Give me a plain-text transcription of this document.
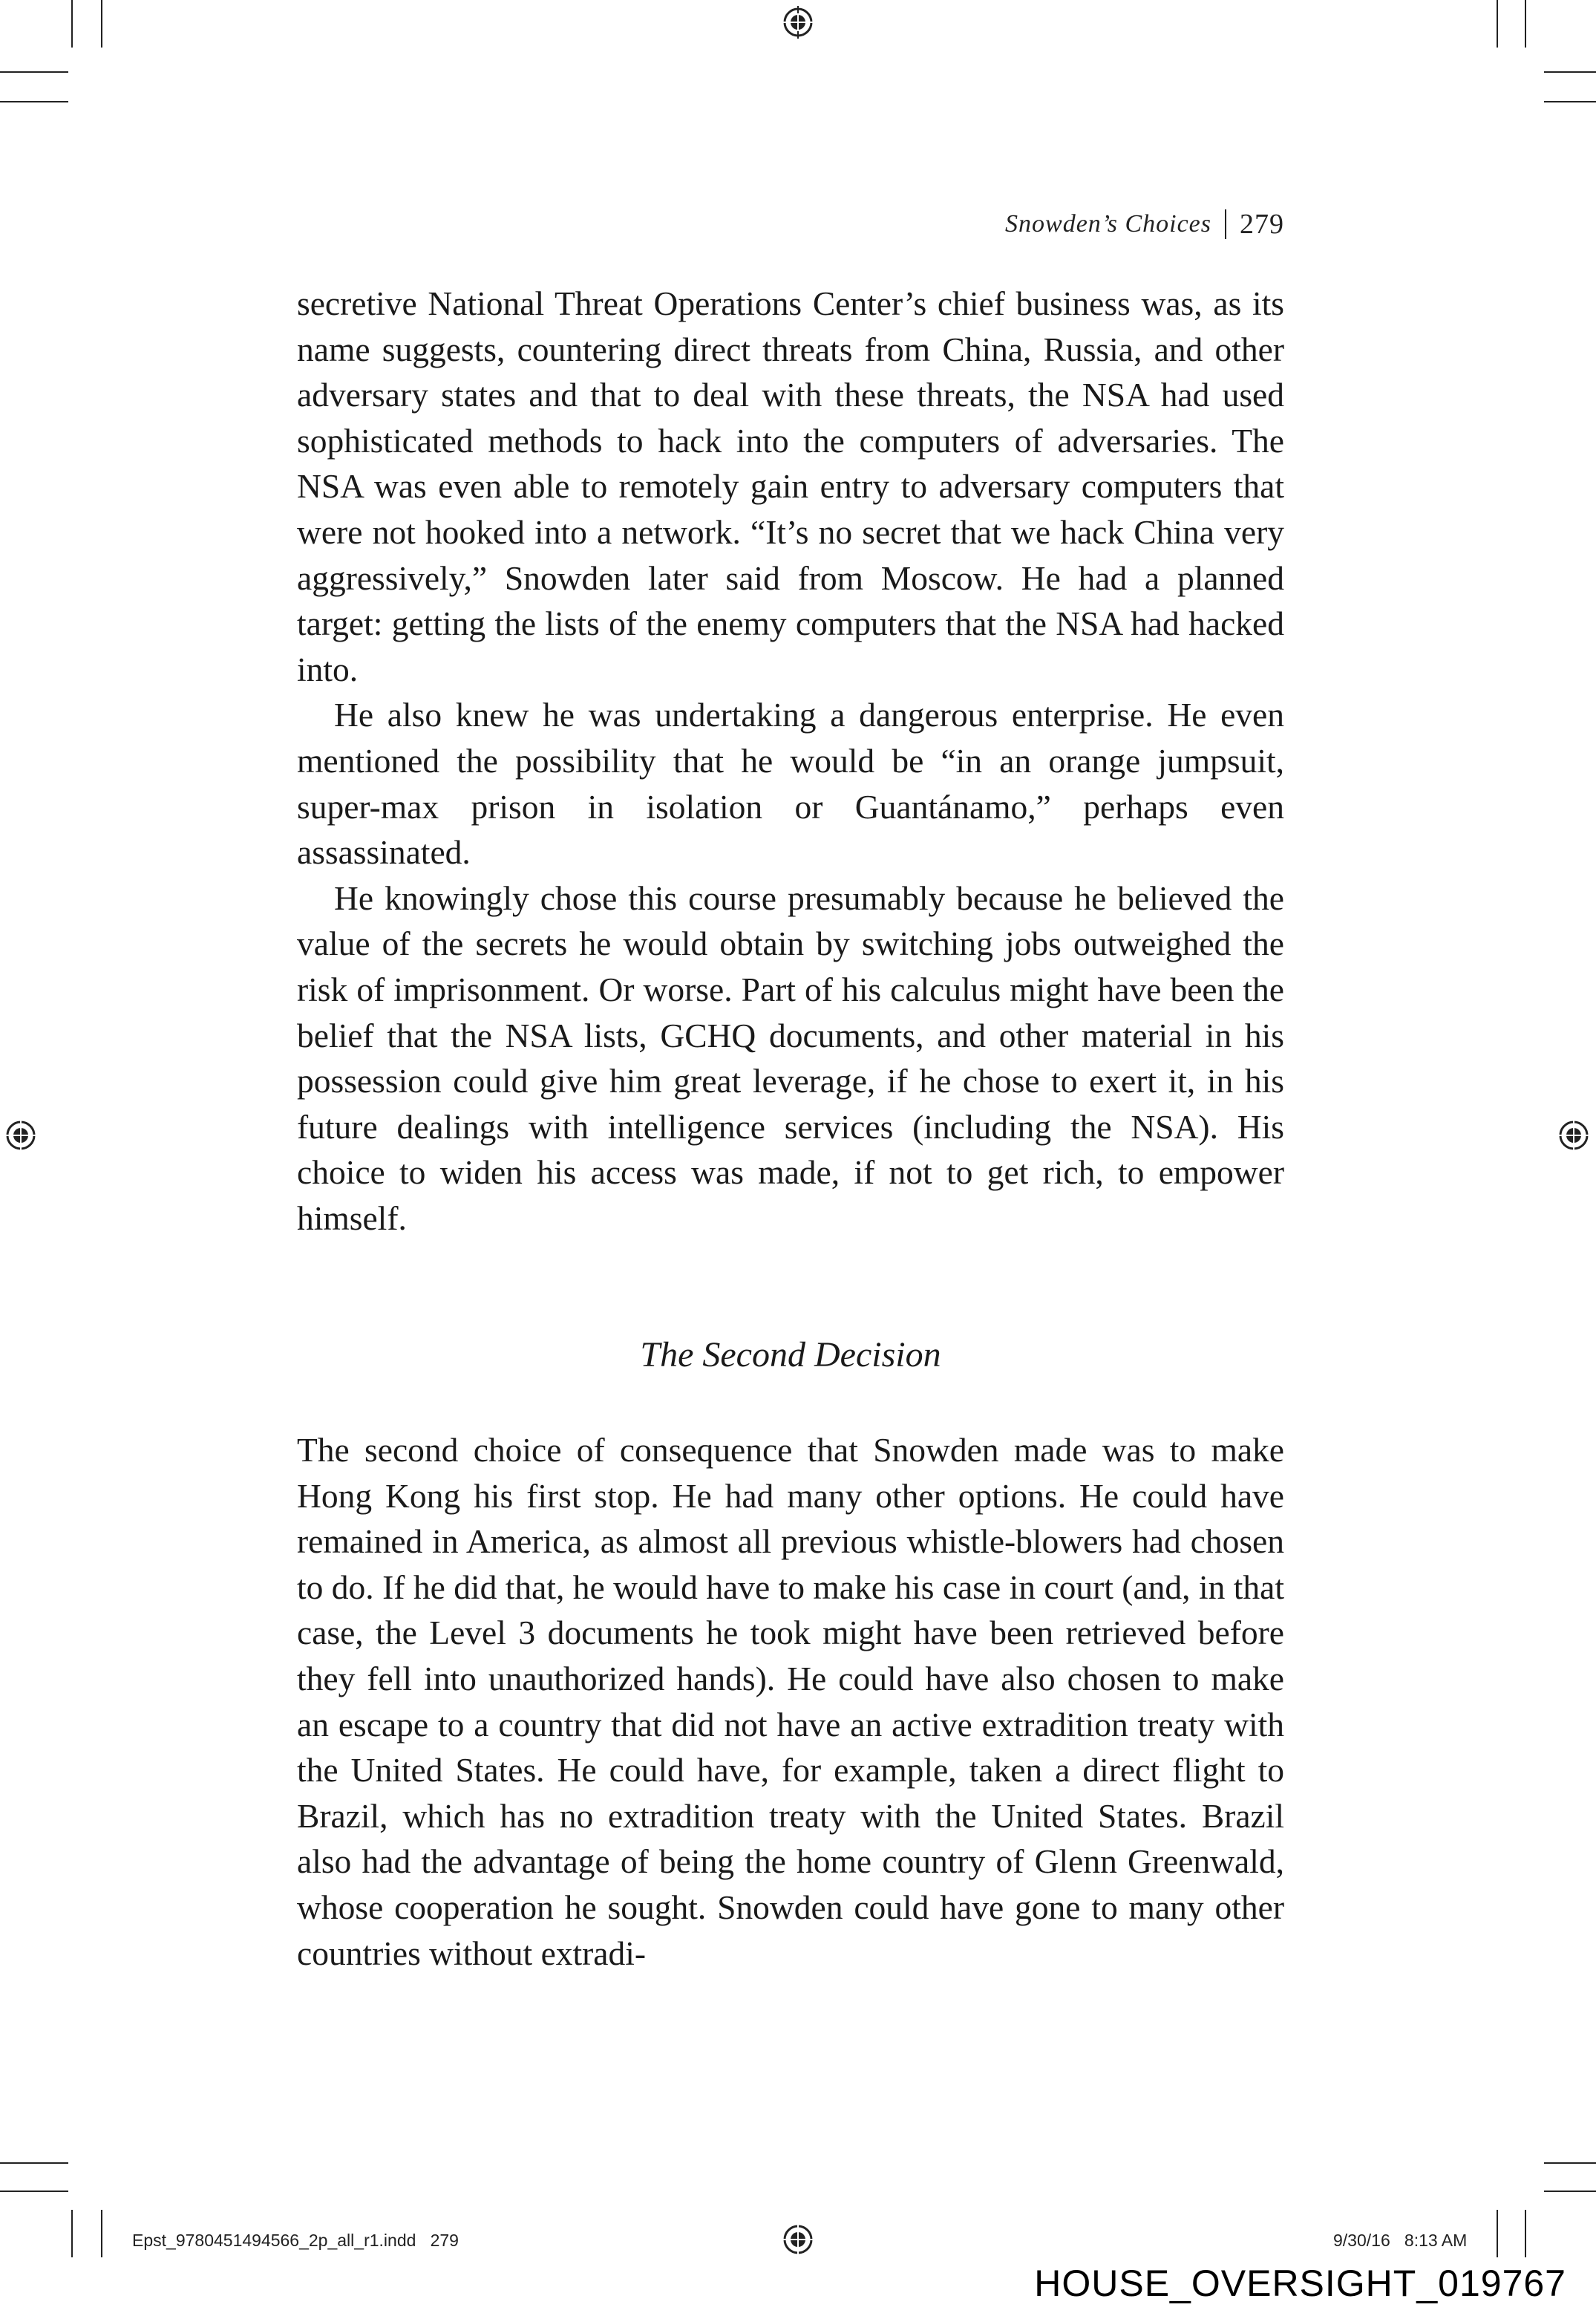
Snowden’s Choices 279

secretive National Threat Operations Center’s chief business was, as its name suggests, countering direct threats from China, Russia, and other adversary states and that to deal with these threats, the NSA had used sophisticated methods to hack into the computers of adversaries. The NSA was even able to remotely gain entry to adversary computers that were not hooked into a network. “It’s no secret that we hack China very aggressively,” Snowden later said from Moscow. He had a planned target: getting the lists of the enemy computers that the NSA had hacked into.

He also knew he was undertaking a dangerous enterprise. He even mentioned the possibility that he would be “in an orange jumpsuit, super-max prison in isolation or Guantánamo,” perhaps even assassinated.

He knowingly chose this course presumably because he believed the value of the secrets he would obtain by switching jobs outweighed the risk of imprisonment. Or worse. Part of his calculus might have been the belief that the NSA lists, GCHQ documents, and other material in his possession could give him great leverage, if he chose to exert it, in his future dealings with intelligence services (including the NSA). His choice to widen his access was made, if not to get rich, to empower himself.

The Second Decision

The second choice of consequence that Snowden made was to make Hong Kong his first stop. He had many other options. He could have remained in America, as almost all previous whistle-blowers had chosen to do. If he did that, he would have to make his case in court (and, in that case, the Level 3 documents he took might have been retrieved before they fell into unauthorized hands). He could have also chosen to make an escape to a country that did not have an active extradition treaty with the United States. He could have, for example, taken a direct flight to Brazil, which has no extradition treaty with the United States. Brazil also had the advantage of being the home country of Glenn Greenwald, whose cooperation he sought. Snowden could have gone to many other countries without extradi-

Epst_9780451494566_2p_all_r1.indd   279	9/30/16   8:13 AM
HOUSE_OVERSIGHT_019767
